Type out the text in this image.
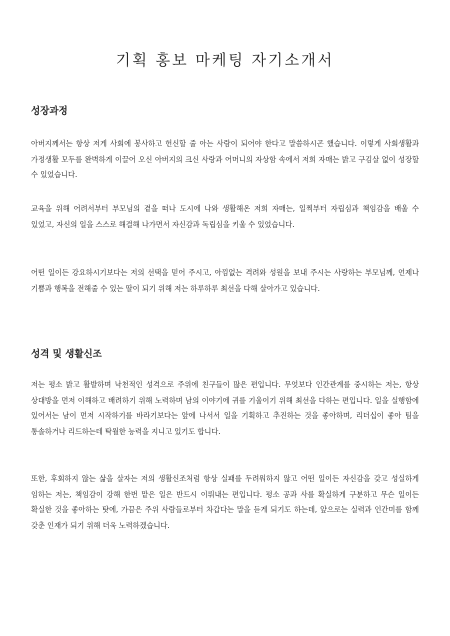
기획 홍보 마케팅 자기소개서
성장과정

아버지께서는 항상 저게 사회에 봉사하고 헌신할 줄 아는 사람이 되어야 한다고 말씀하시곤 했습니다. 이렇게 사회생활과 가정생활 모두를 완벽하게 이끌어 오신 아버지의 크신 사랑과 어머니의 자상함 속에서 저희 자매는 밝고 구김살 없이 성장할 수 있었습니다.

교육을 위해 어려서부터 부모님의 곁을 떠나 도시에 나와 생활해온 저희 자매는, 일찍부터 자립심과 책임감을 배울 수 있었고, 자신의 일을 스스로 해결해 나가면서 자신감과 독립심을 키울 수 있었습니다.

어떤 일이든 강요하시기보다는 저의 선택을 믿어 주시고, 아낌없는 격려와 성원을 보내 주시는 사랑하는 부모님께, 언제나 기쁨과 행복을 전해줄 수 있는 딸이 되기 위해 저는 하루하루 최선을 다해 살아가고 있습니다.

성격 및 생활신조

저는 평소 밝고 활발하며 낙천적인 성격으로 주위에 친구들이 많은 편입니다. 무엇보다 인간관계를 중시하는 저는, 항상 상대방을 먼저 이해하고 배려하기 위해 노력하며 남의 이야기에 귀를 기울이기 위해 최선을 다하는 편입니다. 일을 실행함에 있어서는 남이 먼저 시작하기를 바라기보다는 앞에 나서서 일을 기획하고 추진하는 것을 좋아하며, 리더십이 좋아 팀을 통솔하거나 리드하는데 탁월한 능력을 지니고 있기도 합니다.

또한, 후회하지 않는 삶을 살자는 저의 생활신조처럼 항상 실패를 두려워하지 않고 어떤 일이든 자신감을 갖고 성실하게 임하는 저는, 책임감이 강해 한번 맡은 일은 반드시 이뤄내는 편입니다. 평소 공과 사를 확실하게 구분하고 무슨 일이든 확실한 것을 좋아하는 탓에, 가끔은 주위 사람들로부터 차갑다는 말을 듣게 되기도 하는데, 앞으로는 실력과 인간미를 함께 갖춘 인재가 되기 위해 더욱 노력하겠습니다.
